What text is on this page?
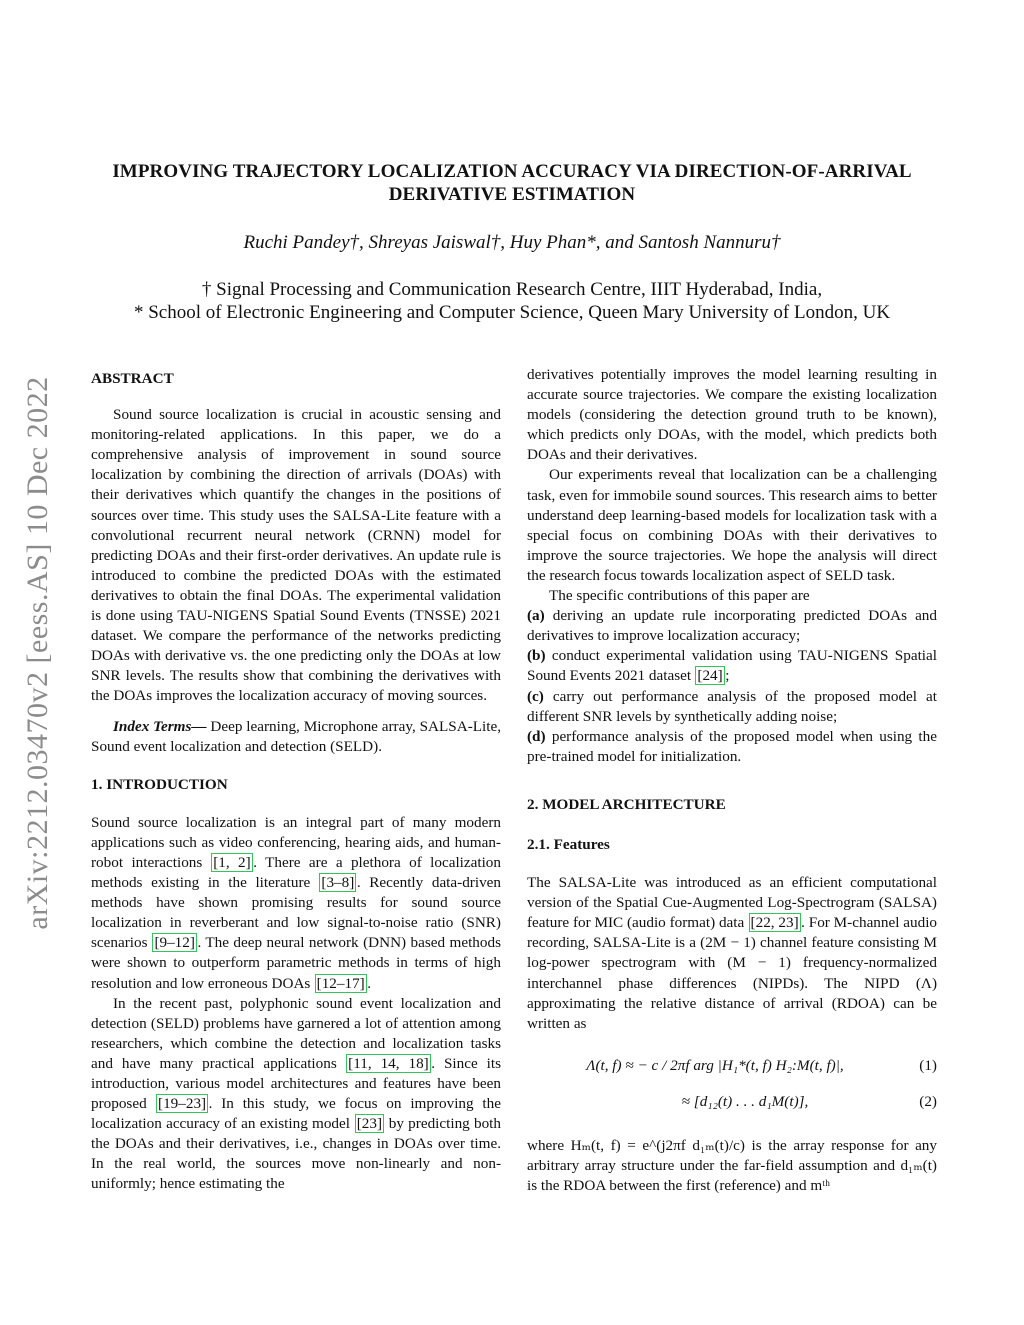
arXiv:2212.03470v2 [eess.AS] 10 Dec 2022
IMPROVING TRAJECTORY LOCALIZATION ACCURACY VIA DIRECTION-OF-ARRIVAL DERIVATIVE ESTIMATION
Ruchi Pandey†, Shreyas Jaiswal†, Huy Phan*, and Santosh Nannuru†
† Signal Processing and Communication Research Centre, IIIT Hyderabad, India,
* School of Electronic Engineering and Computer Science, Queen Mary University of London, UK

ABSTRACT

Sound source localization is crucial in acoustic sensing and monitoring-related applications. In this paper, we do a comprehensive analysis of improvement in sound source localization by combining the direction of arrivals (DOAs) with their derivatives which quantify the changes in the positions of sources over time. This study uses the SALSA-Lite feature with a convolutional recurrent neural network (CRNN) model for predicting DOAs and their first-order derivatives. An update rule is introduced to combine the predicted DOAs with the estimated derivatives to obtain the final DOAs. The experimental validation is done using TAU-NIGENS Spatial Sound Events (TNSSE) 2021 dataset. We compare the performance of the networks predicting DOAs with derivative vs. the one predicting only the DOAs at low SNR levels. The results show that combining the derivatives with the DOAs improves the localization accuracy of moving sources.

Index Terms— Deep learning, Microphone array, SALSA-Lite, Sound event localization and detection (SELD).

1. INTRODUCTION

Sound source localization is an integral part of many modern applications such as video conferencing, hearing aids, and human-robot interactions [1, 2] . There are a plethora of localization methods existing in the literature [3–8] . Recently data-driven methods have shown promising results for sound source localization in reverberant and low signal-to-noise ratio (SNR) scenarios [9–12] . The deep neural network (DNN) based methods were shown to outperform parametric methods in terms of high resolution and low erroneous DOAs [12–17] .

In the recent past, polyphonic sound event localization and detection (SELD) problems have garnered a lot of attention among researchers, which combine the detection and localization tasks and have many practical applications [11, 14, 18] . Since its introduction, various model architectures and features have been proposed [19–23] . In this study, we focus on improving the localization accuracy of an existing model [23] by predicting both the DOAs and their derivatives, i.e., changes in DOAs over time. In the real world, the sources move non-linearly and non-uniformly; hence estimating the

derivatives potentially improves the model learning resulting in accurate source trajectories. We compare the existing localization models (considering the detection ground truth to be known), which predicts only DOAs, with the model, which predicts both DOAs and their derivatives.

Our experiments reveal that localization can be a challenging task, even for immobile sound sources. This research aims to better understand deep learning-based models for localization task with a special focus on combining DOAs with their derivatives to improve the source trajectories. We hope the analysis will direct the research focus towards localization aspect of SELD task.

The specific contributions of this paper are

(a) deriving an update rule incorporating predicted DOAs and derivatives to improve localization accuracy;

(b) conduct experimental validation using TAU-NIGENS Spatial Sound Events 2021 dataset [24] ;

(c) carry out performance analysis of the proposed model at different SNR levels by synthetically adding noise;

(d) performance analysis of the proposed model when using the pre-trained model for initialization.

2. MODEL ARCHITECTURE

2.1. Features

The SALSA-Lite was introduced as an efficient computational version of the Spatial Cue-Augmented Log-Spectrogram (SALSA) feature for MIC (audio format) data [22, 23] . For M-channel audio recording, SALSA-Lite is a (2M − 1) channel feature consisting M log-power spectrogram with (M − 1) frequency-normalized interchannel phase differences (NIPDs). The NIPD (Λ) approximating the relative distance of arrival (RDOA) can be written as

Λ(t, f) ≈ − c / 2πf arg |H₁*(t, f) H₂:M(t, f)|,	(1)
≈ [d₁₂(t) . . . d₁M(t)],	(2)

where Hₘ(t, f) = e^(j2πf d₁ₘ(t)/c) is the array response for any arbitrary array structure under the far-field assumption and d₁ₘ(t) is the RDOA between the first (reference) and mᵗʰ
